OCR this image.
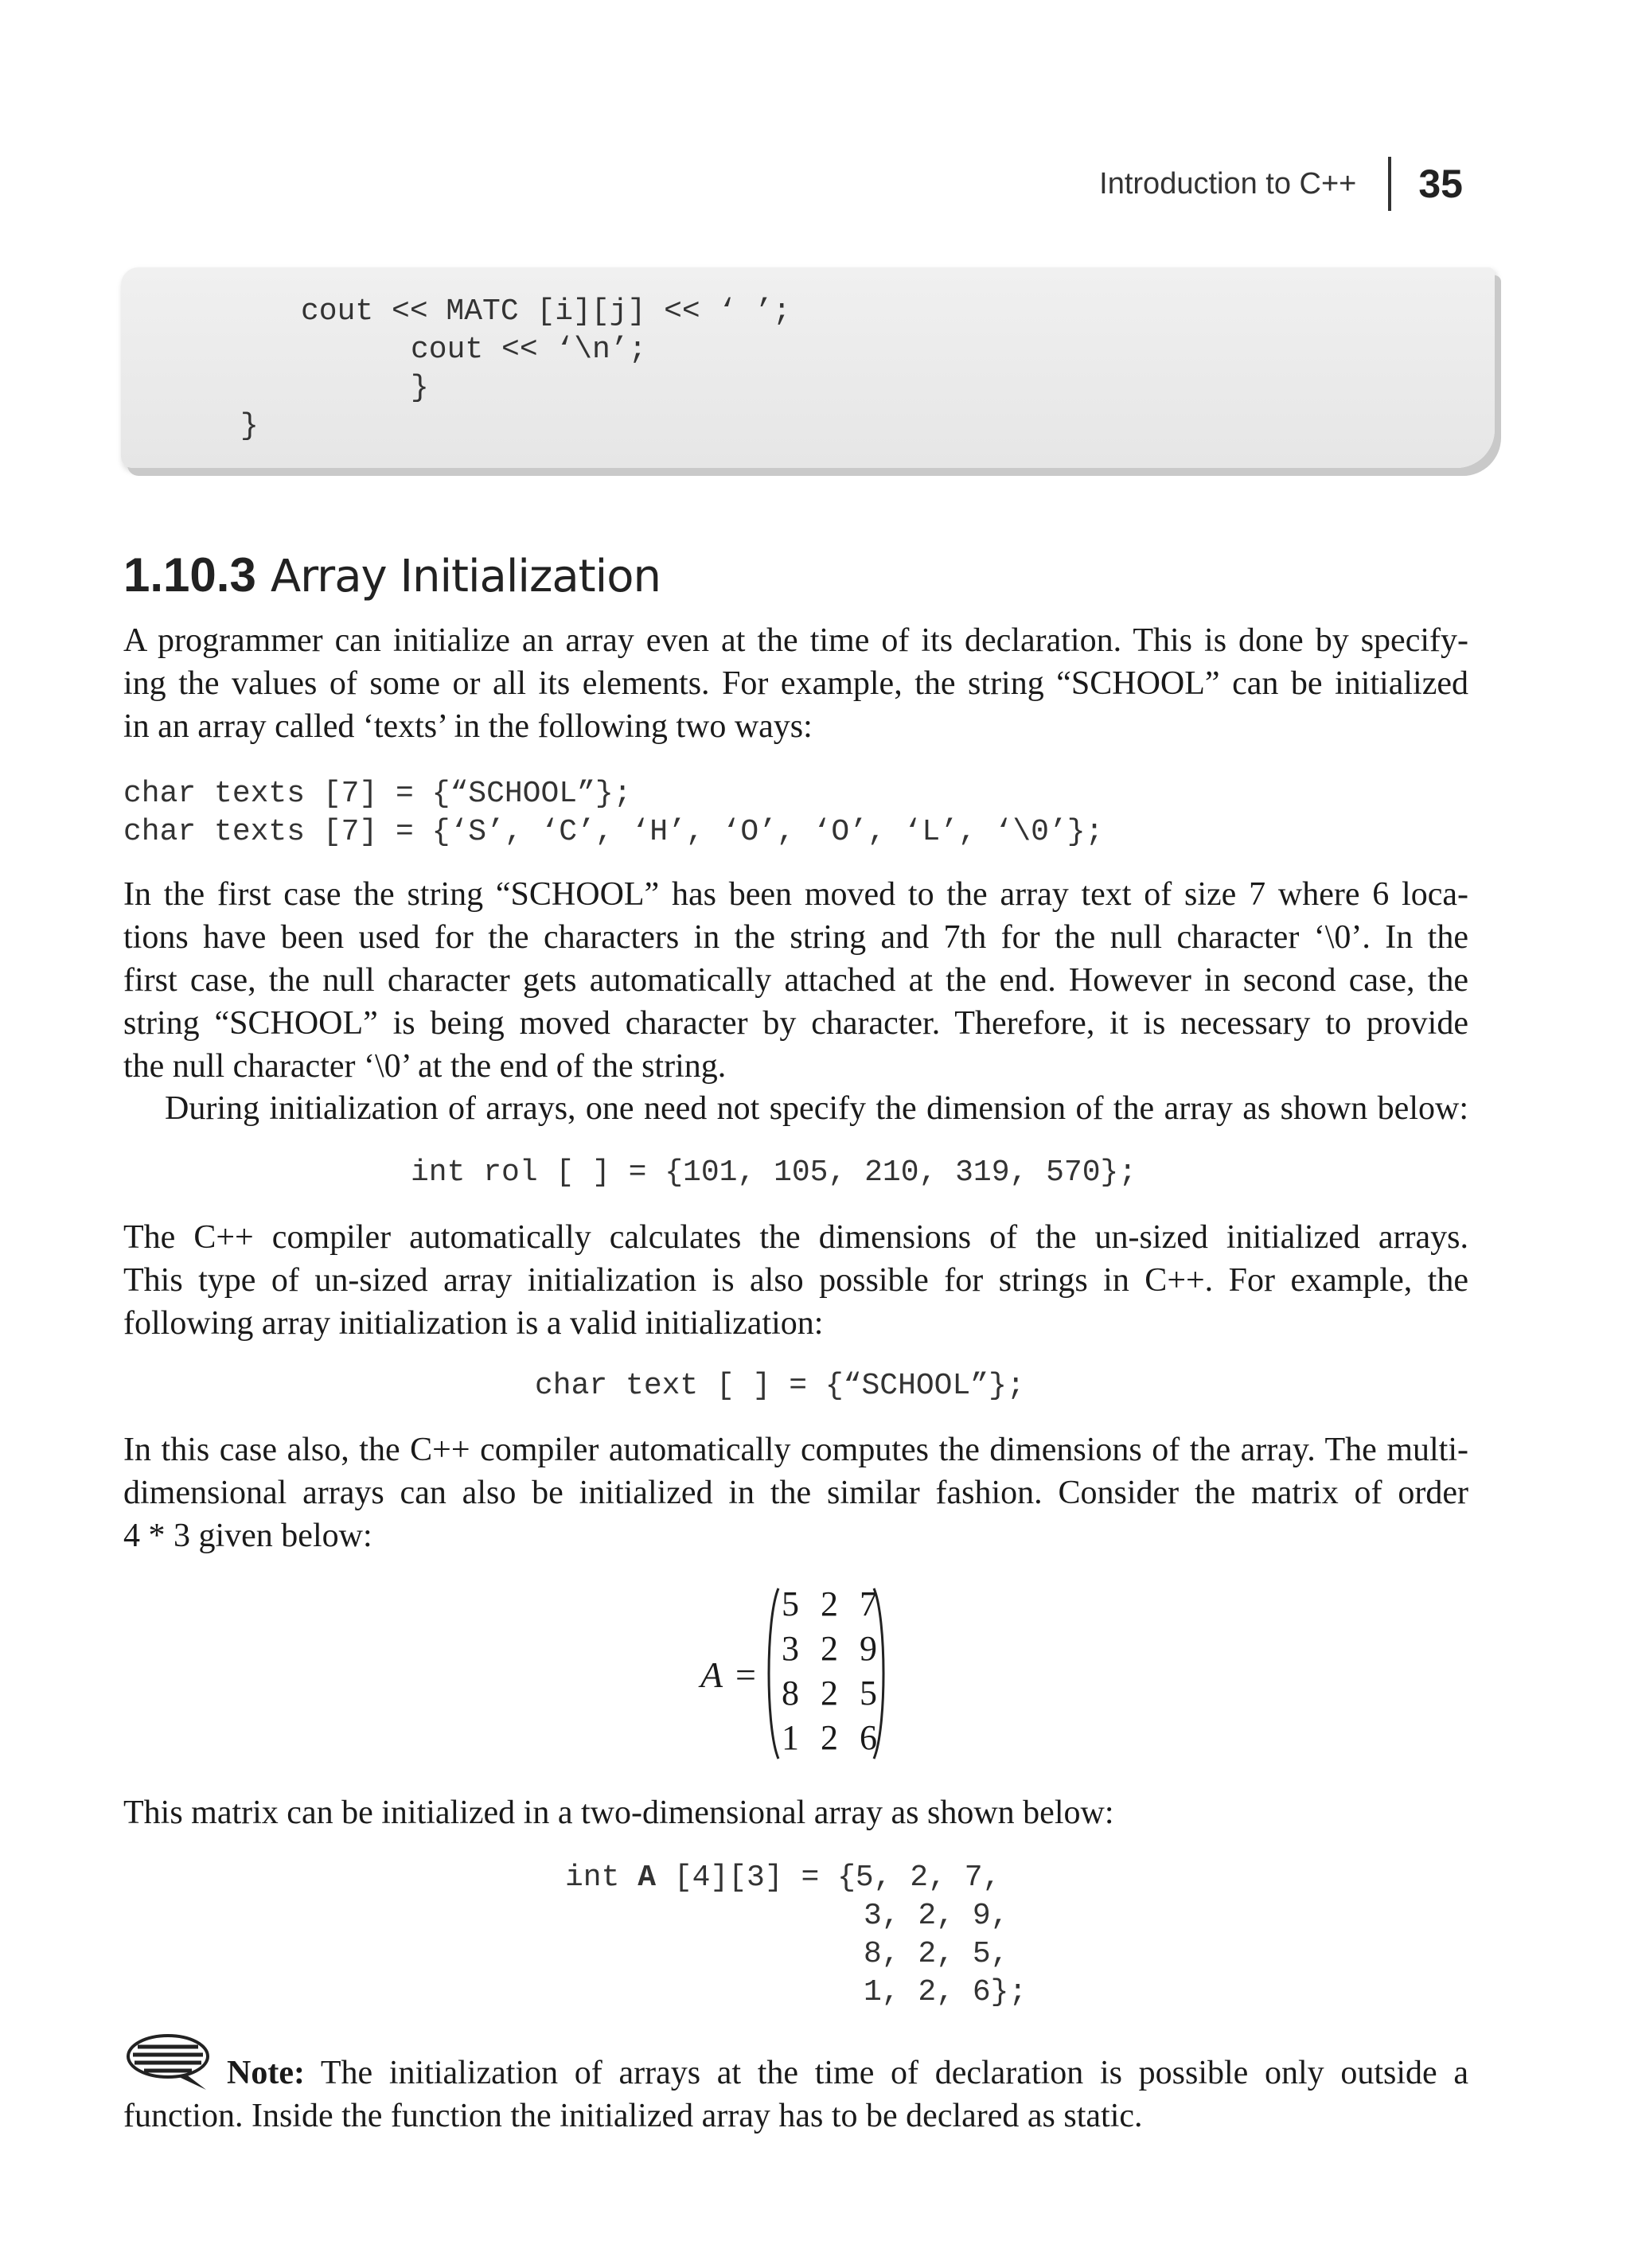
Introduction to C++ 35
cout << MATC [i][j] << ‘ ’;
cout << ‘\n’;
}
}
1.10.3 Array Initialization
A programmer can initialize an array even at the time of its declaration. This is done by specify-
ing the values of some or all its elements. For example, the string “SCHOOL” can be initialized
in an array called ‘texts’ in the following two ways:
char texts [7] = {“SCHOOL”};
char texts [7] = {‘S’, ‘C’, ‘H’, ‘O’, ‘O’, ‘L’, ‘\0’};
In the first case the string “SCHOOL” has been moved to the array text of size 7 where 6 loca-
tions have been used for the characters in the string and 7th for the null character ‘\0’. In the
first case, the null character gets automatically attached at the end. However in second case, the
string “SCHOOL” is being moved character by character. Therefore, it is necessary to provide
the null character ‘\0’ at the end of the string.
During initialization of arrays, one need not specify the dimension of the array as shown below:
int rol [ ] = {101, 105, 210, 319, 570};
The C++ compiler automatically calculates the dimensions of the un-sized initialized arrays.
This type of un-sized array initialization is also possible for strings in C++. For example, the
following array initialization is a valid initialization:
char text [ ] = {“SCHOOL”};
In this case also, the C++ compiler automatically computes the dimensions of the array. The multi-
dimensional arrays can also be initialized in the similar fashion. Consider the matrix of order
4 * 3 given below:
A =
5 2 7
3 2 9
8 2 5
1 2 6
This matrix can be initialized in a two-dimensional array as shown below:
int A [4][3] = {5, 2, 7,
3, 2, 9,
8, 2, 5,
1, 2, 6};
Note: The initialization of arrays at the time of declaration is possible only outside a
function. Inside the function the initialized array has to be declared as static.
